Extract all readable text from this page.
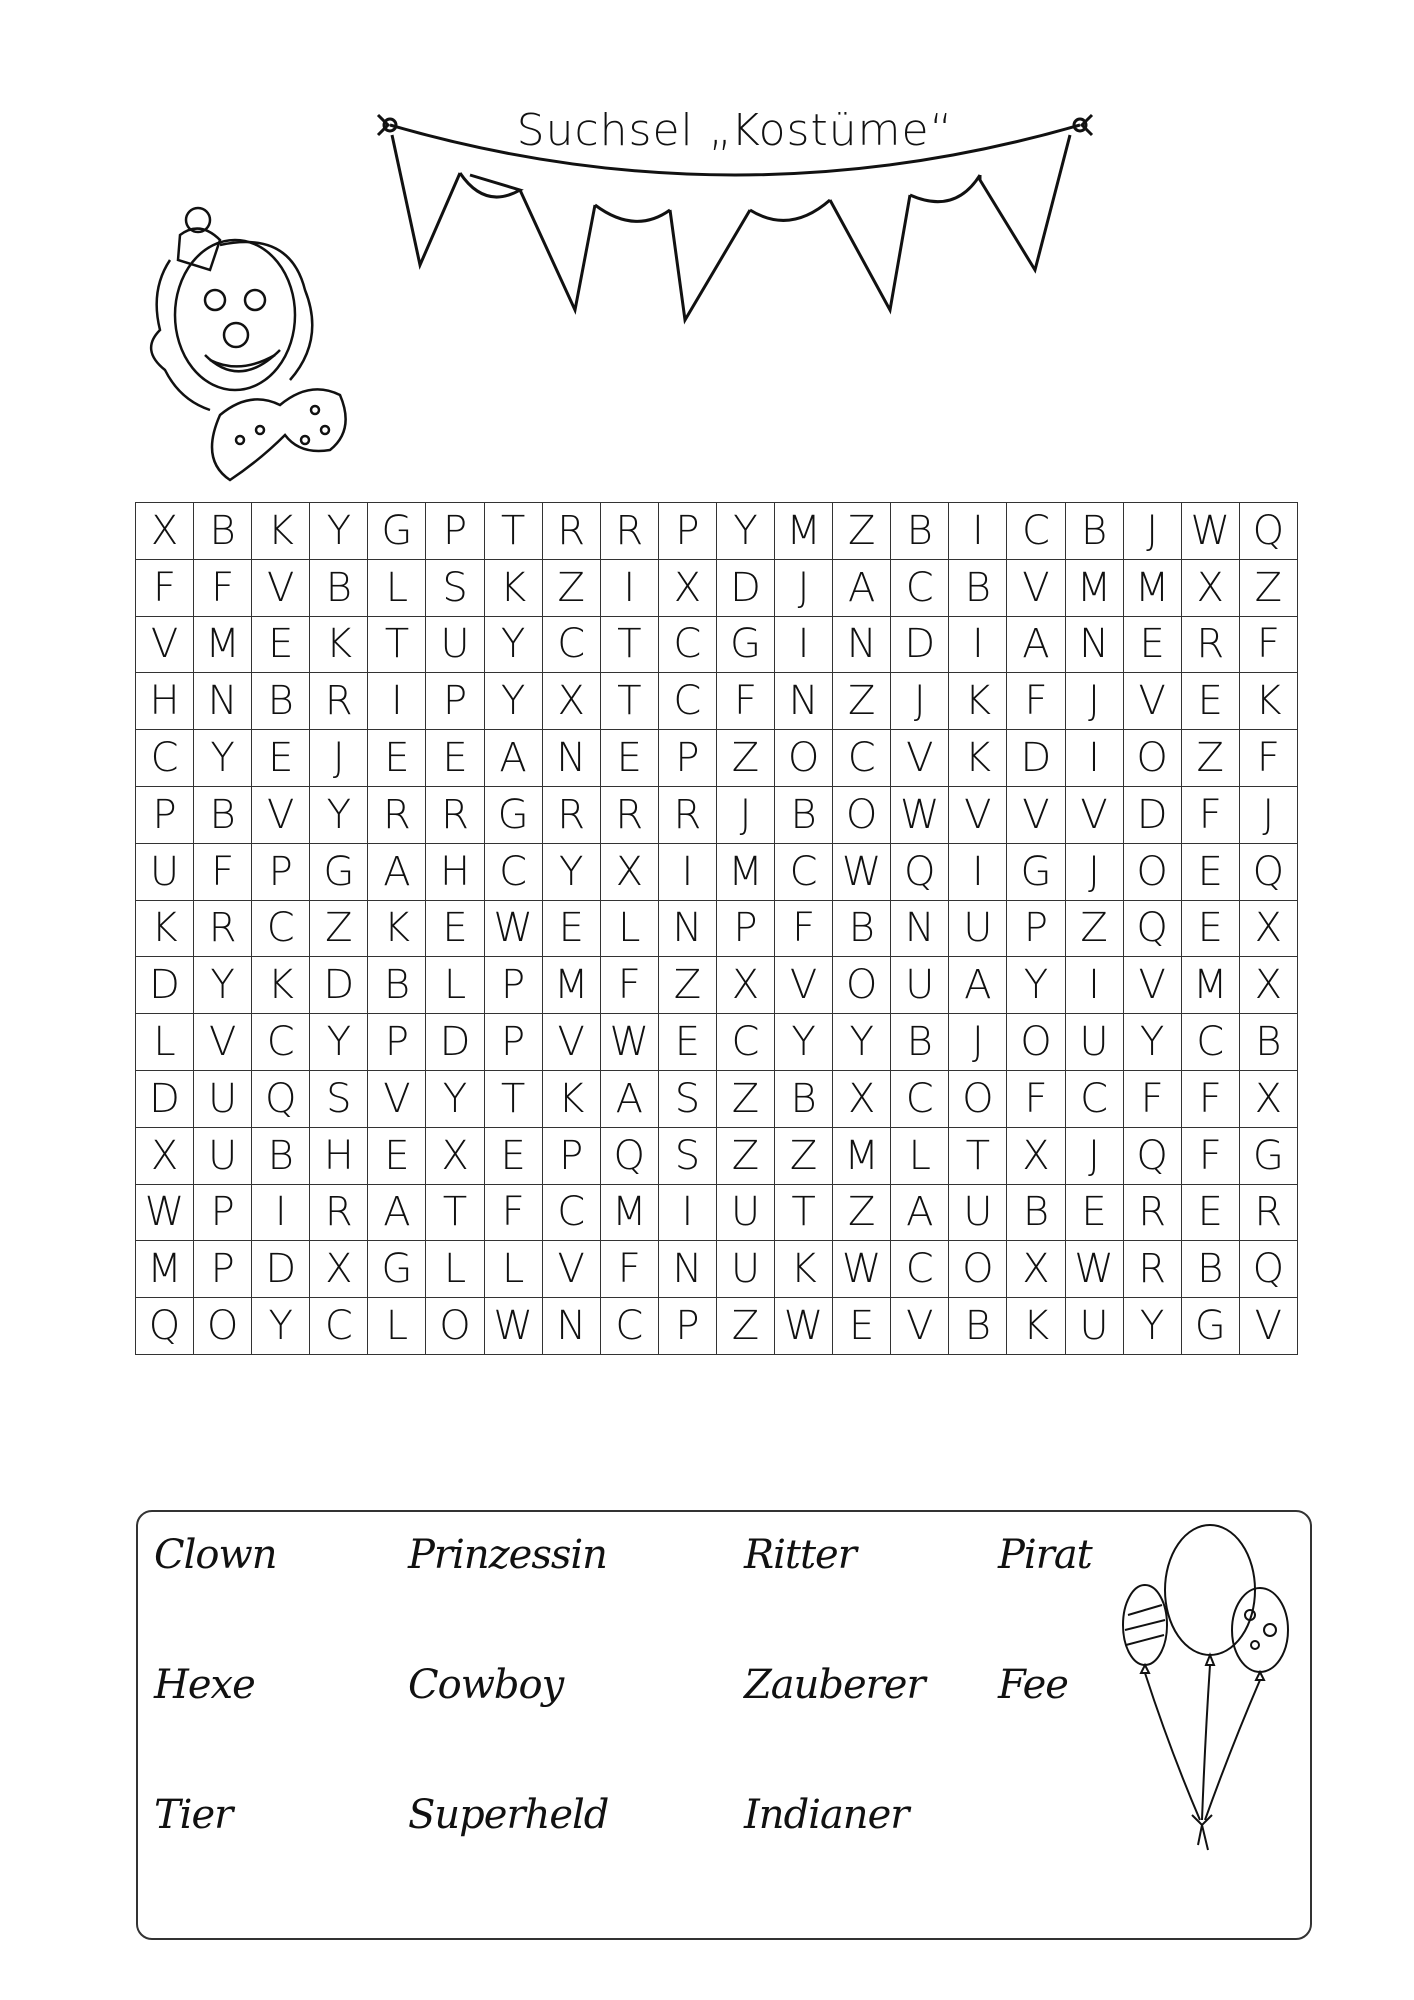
Suchsel „Kostüme“
X	B	K	Y	G	P	T	R	R	P	Y	M	Z	B	I	C	B	J	W	Q
F	F	V	B	L	S	K	Z	I	X	D	J	A	C	B	V	M	M	X	Z
V	M	E	K	T	U	Y	C	T	C	G	I	N	D	I	A	N	E	R	F
H	N	B	R	I	P	Y	X	T	C	F	N	Z	J	K	F	J	V	E	K
C	Y	E	J	E	E	A	N	E	P	Z	O	C	V	K	D	I	O	Z	F
P	B	V	Y	R	R	G	R	R	R	J	B	O	W	V	V	V	D	F	J
U	F	P	G	A	H	C	Y	X	I	M	C	W	Q	I	G	J	O	E	Q
K	R	C	Z	K	E	W	E	L	N	P	F	B	N	U	P	Z	Q	E	X
D	Y	K	D	B	L	P	M	F	Z	X	V	O	U	A	Y	I	V	M	X
L	V	C	Y	P	D	P	V	W	E	C	Y	Y	B	J	O	U	Y	C	B
D	U	Q	S	V	Y	T	K	A	S	Z	B	X	C	O	F	C	F	F	X
X	U	B	H	E	X	E	P	Q	S	Z	Z	M	L	T	X	J	Q	F	G
W	P	I	R	A	T	F	C	M	I	U	T	Z	A	U	B	E	R	E	R
M	P	D	X	G	L	L	V	F	N	U	K	W	C	O	X	W	R	B	Q
Q	O	Y	C	L	O	W	N	C	P	Z	W	E	V	B	K	U	Y	G	V
Clown	Prinzessin	Ritter	Pirat
Hexe	Cowboy	Zauberer Fee
Tier	Superheld	Indianer
